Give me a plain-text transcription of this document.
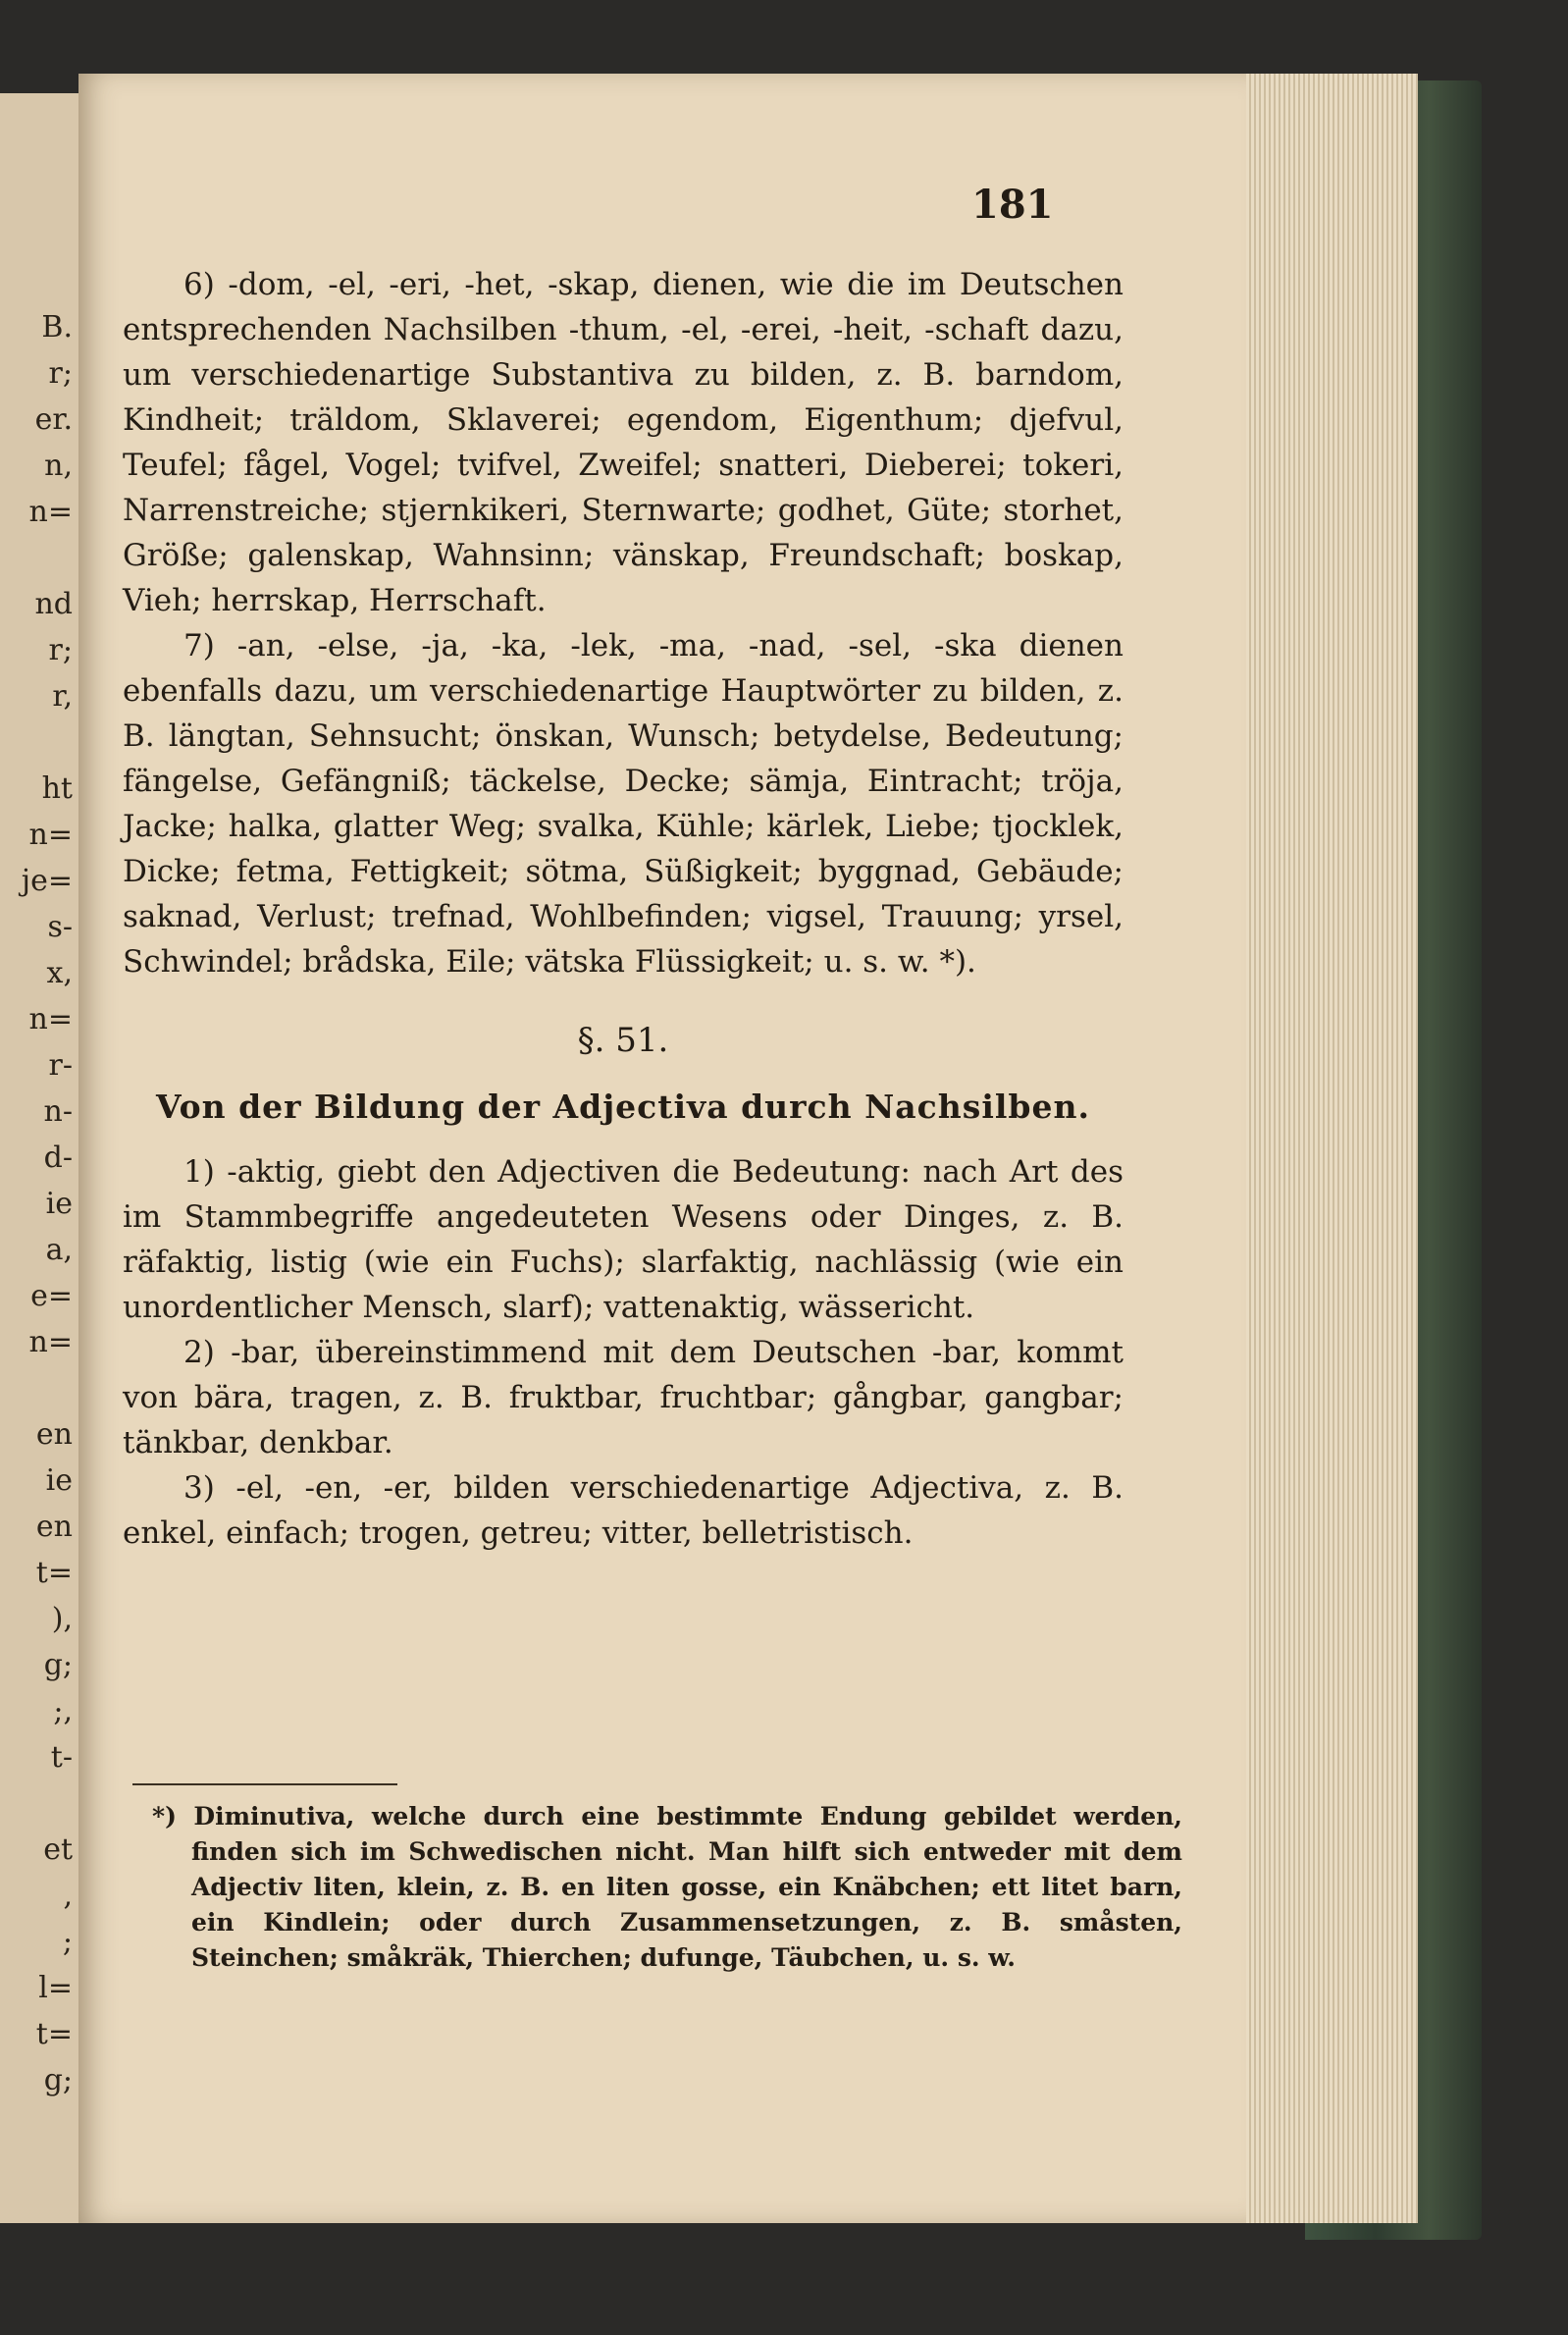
B.
r;
er.
n,
n=

nd
r;
r,

ht
n=
je=
s-
x,
n=
r-
n-
d-
ie
a,
e=
n=

en
ie
en
t=
),
g;
;,
t-

et
,
;
l=
t=
g;
181

6) -dom, -el, -eri, -het, -skap, dienen, wie die im Deutschen entsprechenden Nachsilben -thum, -el, -erei, -heit, -schaft dazu, um verschiedenartige Substantiva zu bilden, z. B. barndom, Kindheit; träldom, Sklaverei; egendom, Eigenthum; djefvul, Teufel; fågel, Vogel; tvifvel, Zweifel; snatteri, Dieberei; tokeri, Narrenstreiche; stjernkikeri, Sternwarte; godhet, Güte; storhet, Größe; galenskap, Wahnsinn; vänskap, Freundschaft; boskap, Vieh; herrskap, Herrschaft.

7) -an, -else, -ja, -ka, -lek, -ma, -nad, -sel, -ska dienen ebenfalls dazu, um verschiedenartige Hauptwörter zu bilden, z. B. längtan, Sehnsucht; önskan, Wunsch; betydelse, Bedeutung; fängelse, Gefängniß; täckelse, Decke; sämja, Eintracht; tröja, Jacke; halka, glatter Weg; svalka, Kühle; kärlek, Liebe; tjocklek, Dicke; fetma, Fettigkeit; sötma, Süßigkeit; byggnad, Gebäude; saknad, Verlust; trefnad, Wohlbefinden; vigsel, Trauung; yrsel, Schwindel; brådska, Eile; vätska Flüssigkeit; u. s. w. *).

§. 51.
Von der Bildung der Adjectiva durch Nachsilben.

1) -aktig, giebt den Adjectiven die Bedeutung: nach Art des im Stammbegriffe angedeuteten Wesens oder Dinges, z. B. räfaktig, listig (wie ein Fuchs); slarfaktig, nachlässig (wie ein unordentlicher Mensch, slarf); vattenaktig, wässericht.

2) -bar, übereinstimmend mit dem Deutschen -bar, kommt von bära, tragen, z. B. fruktbar, fruchtbar; gångbar, gangbar; tänkbar, denkbar.

3) -el, -en, -er, bilden verschiedenartige Adjectiva, z. B. enkel, einfach; trogen, getreu; vitter, belletristisch.

*) Diminutiva, welche durch eine bestimmte Endung gebildet werden, finden sich im Schwedischen nicht. Man hilft sich entweder mit dem Adjectiv liten, klein, z. B. en liten gosse, ein Knäbchen; ett litet barn, ein Kindlein; oder durch Zusammensetzungen, z. B. småsten, Steinchen; småkräk, Thierchen; dufunge, Täubchen, u. s. w.
